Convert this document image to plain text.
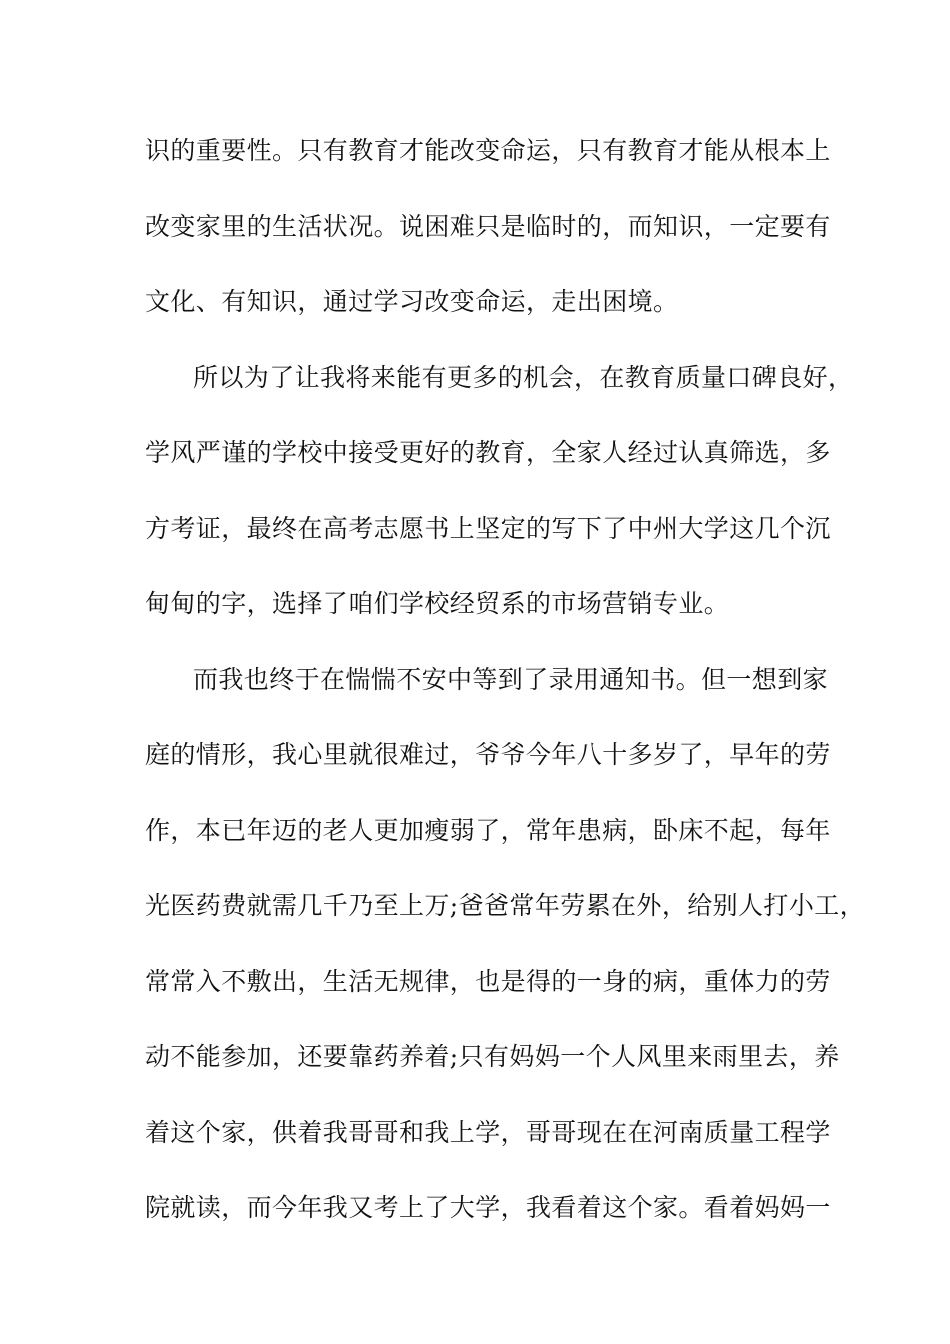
识的重要性。只有教育才能改变命运，只有教育才能从根本上
改变家里的生活状况。说困难只是临时的，而知识，一定要有
文化、有知识，通过学习改变命运，走出困境。
所以为了让我将来能有更多的机会，在教育质量口碑良好，
学风严谨的学校中接受更好的教育，全家人经过认真筛选，多
方考证，最终在高考志愿书上坚定的写下了中州大学这几个沉
甸甸的字，选择了咱们学校经贸系的市场营销专业。
而我也终于在惴惴不安中等到了录用通知书。但一想到家
庭的情形，我心里就很难过，爷爷今年八十多岁了，早年的劳
作，本已年迈的老人更加瘦弱了，常年患病，卧床不起，每年
光医药费就需几千乃至上万;爸爸常年劳累在外，给别人打小工，
常常入不敷出，生活无规律，也是得的一身的病，重体力的劳
动不能参加，还要靠药养着;只有妈妈一个人风里来雨里去，养
着这个家，供着我哥哥和我上学，哥哥现在在河南质量工程学
院就读，而今年我又考上了大学，我看着这个家。看着妈妈一
